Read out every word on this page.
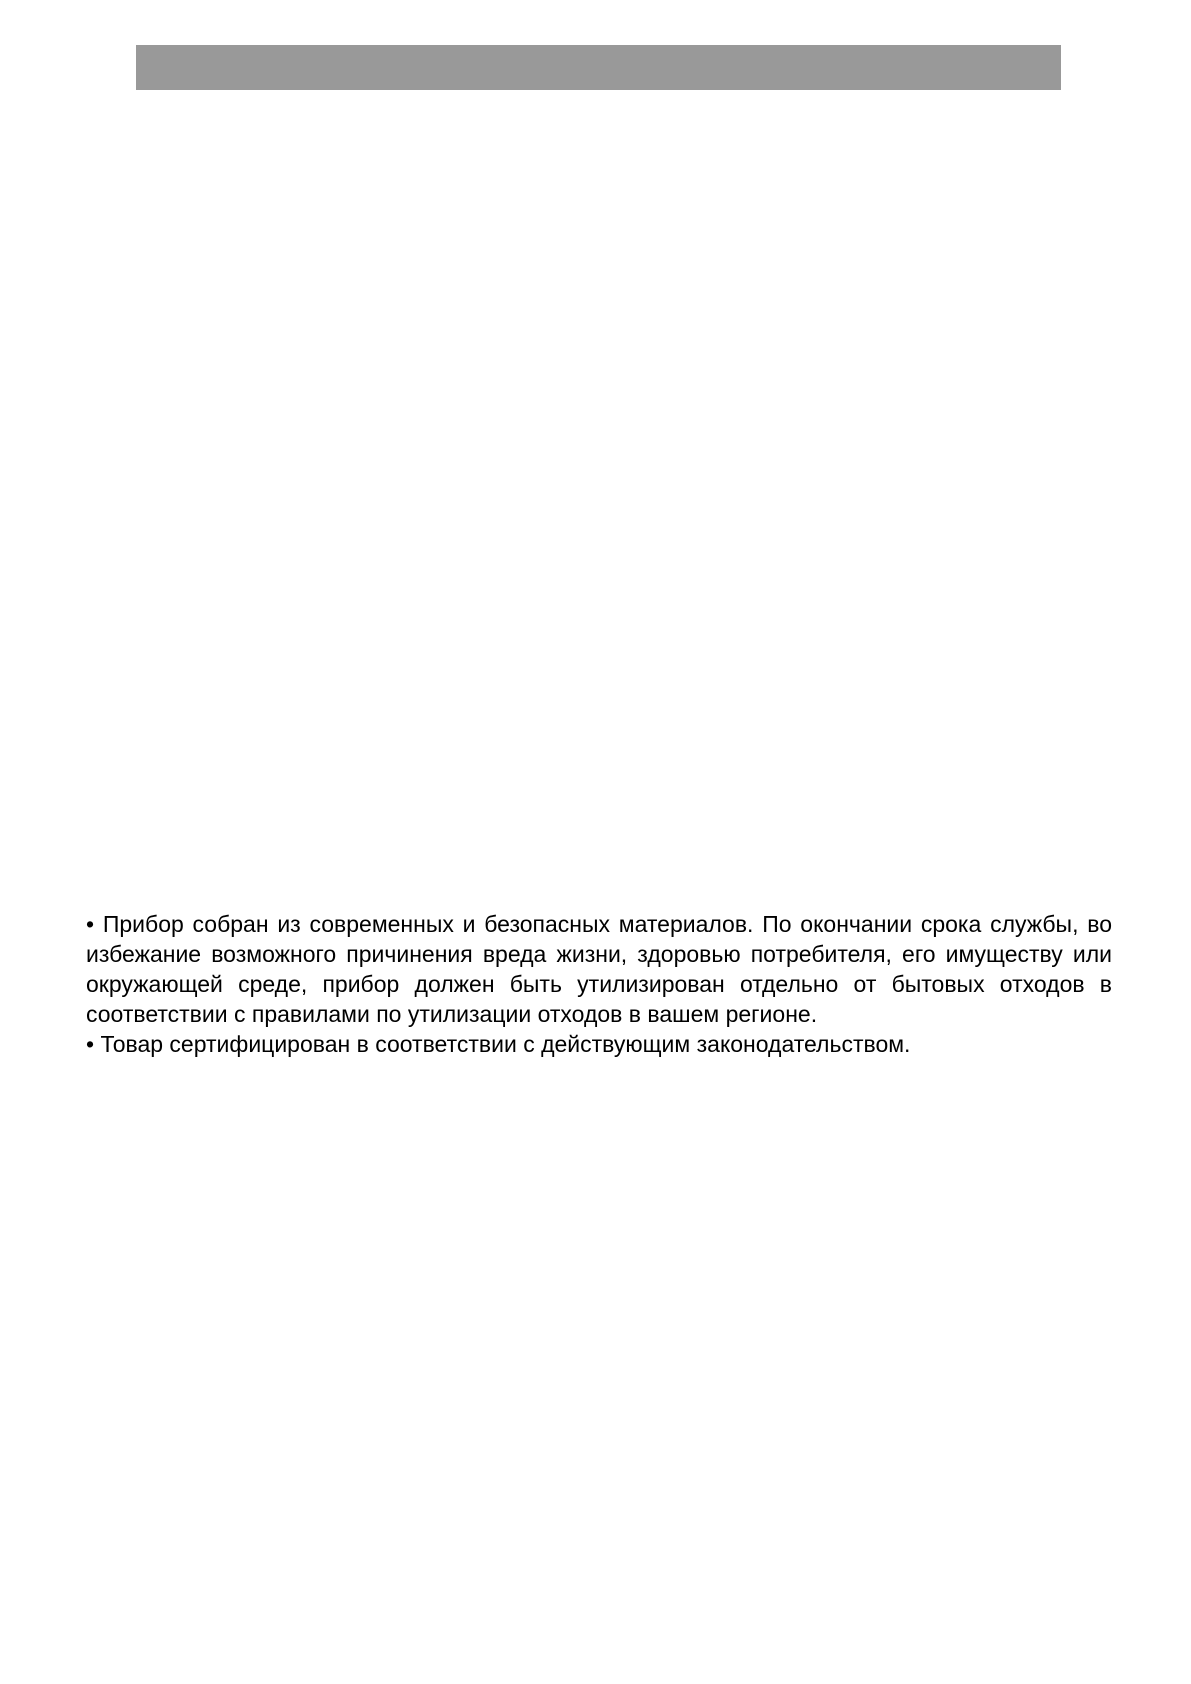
• Прибор собран из современных и безопасных материалов. По окончании срока службы, во избежание возможного причинения вреда жизни, здоровью потребителя, его имуществу или окружающей среде, прибор должен быть утилизирован отдельно от бытовых отходов в соответствии с правилами по утилизации отходов в вашем регионе.

• Товар сертифицирован в соответствии с действующим законодательством.
